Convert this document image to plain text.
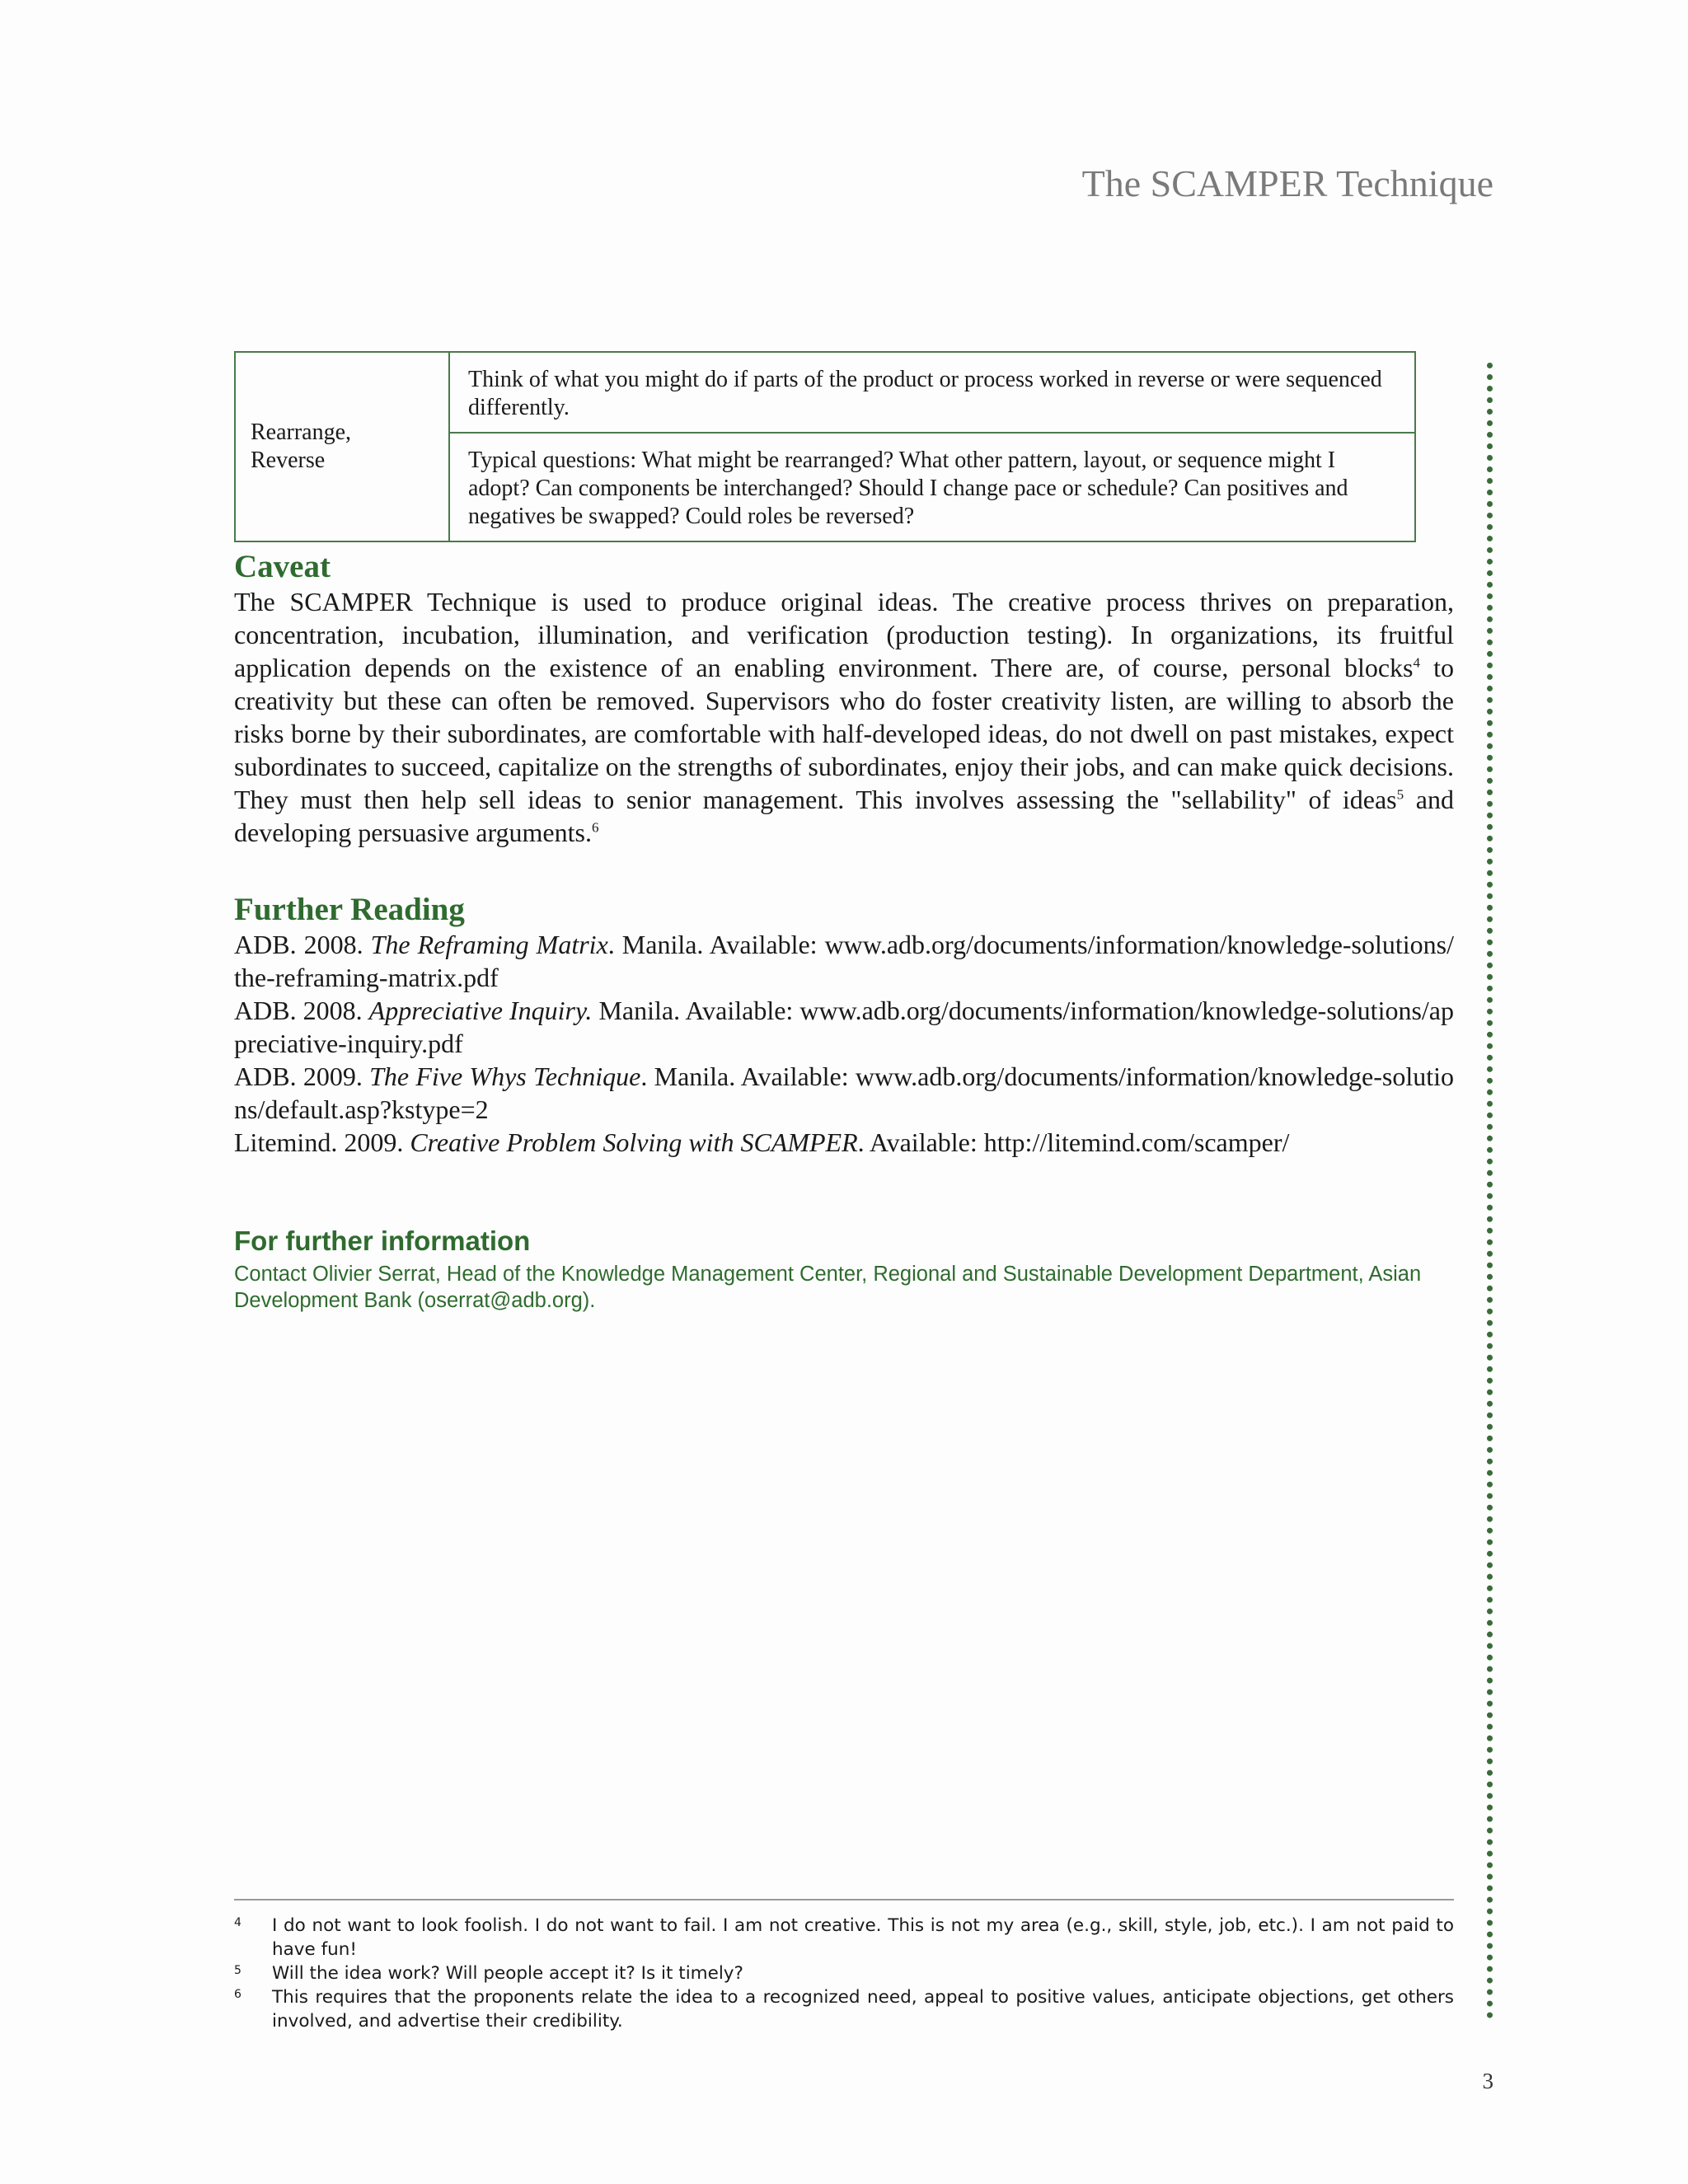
The SCAMPER Technique
Rearrange,
Reverse	Think of what you might do if parts of the product or process worked in reverse or were sequenced differently.
Typical questions: What might be rearranged? What other pattern, layout, or sequence might I adopt? Can components be interchanged? Should I change pace or schedule? Can positives and negatives be swapped? Could roles be reversed?
Caveat

The SCAMPER Technique is used to produce original ideas. The creative process thrives on preparation, concentration, incubation, illumination, and verification (production testing). In organizations, its fruitful application depends on the existence of an enabling environment. There are, of course, personal blocks$^4$ to creativity but these can often be removed. Supervisors who do foster creativity listen, are willing to absorb the risks borne by their subordinates, are comfortable with half-developed ideas, do not dwell on past mistakes, expect subordinates to succeed, capitalize on the strengths of subordinates, enjoy their jobs, and can make quick decisions. They must then help sell ideas to senior management. This involves assessing the "sellability" of ideas$^5$ and developing persuasive arguments.$^6$

Further Reading

ADB. 2008. The Reframing Matrix. Manila. Available: www.adb.org/documents/information/knowledge-solutions/the-reframing-matrix.pdf

ADB. 2008. Appreciative Inquiry. Manila. Available: www.adb.org/documents/information/knowledge-solutions/appreciative-inquiry.pdf

ADB. 2009. The Five Whys Technique. Manila. Available: www.adb.org/documents/information/knowledge-solutions/default.asp?kstype=2

Litemind. 2009. Creative Problem Solving with SCAMPER. Available: http://litemind.com/scamper/

For further information

Contact Olivier Serrat, Head of the Knowledge Management Center, Regional and Sustainable Development Department, Asian Development Bank (oserrat@adb.org).

4	I do not want to look foolish. I do not want to fail. I am not creative. This is not my area (e.g., skill, style, job, etc.). I am not paid to have fun!
5	Will the idea work? Will people accept it? Is it timely?
6	This requires that the proponents relate the idea to a recognized need, appeal to positive values, anticipate objections, get others involved, and advertise their credibility.
3
